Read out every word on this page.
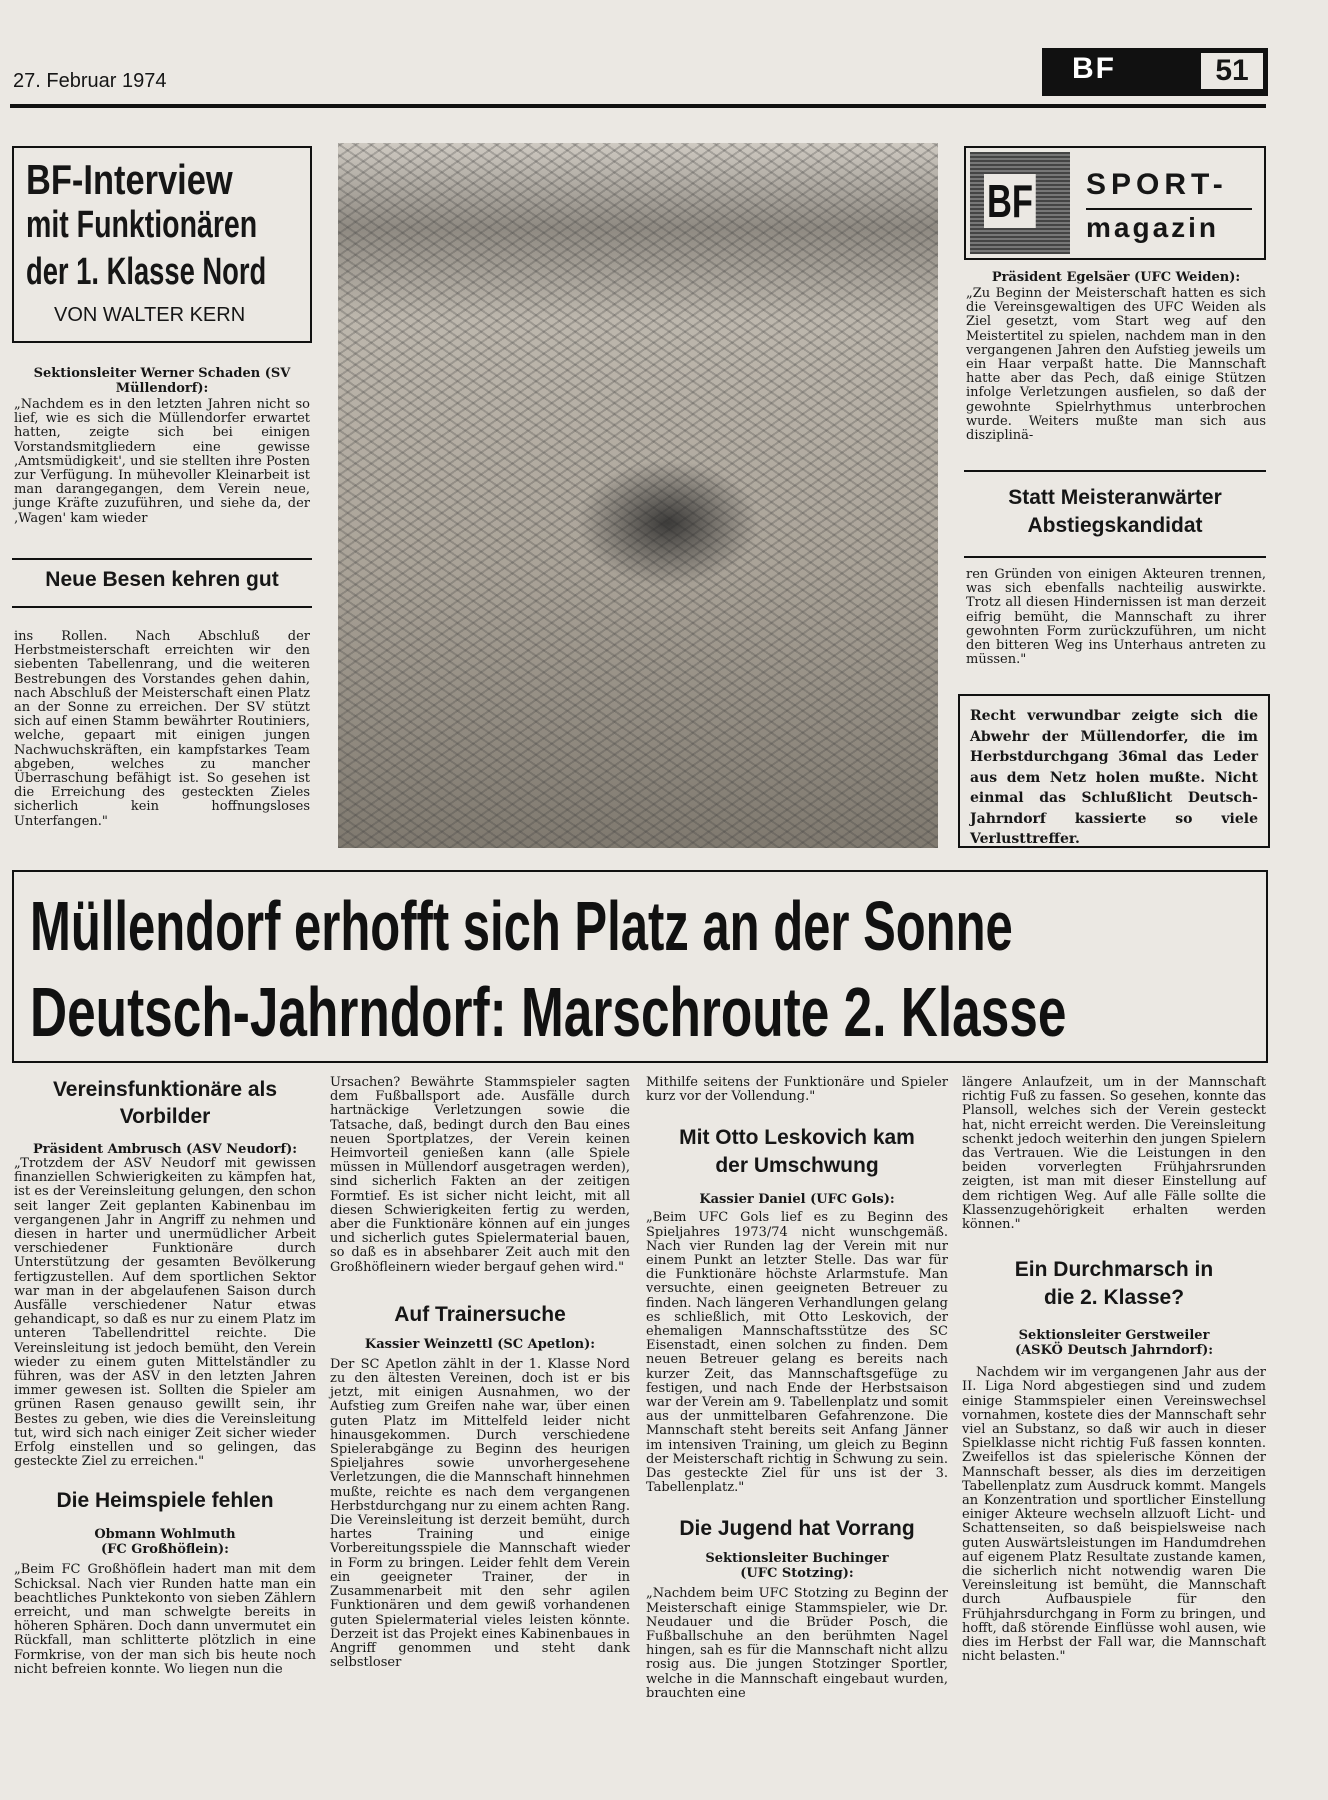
27. Februar 1974	BF	51
BF-Interview
mit Funktionären
der 1. Klasse Nord
VON WALTER KERN

Sektionsleiter Werner Schaden (SV Müllendorf):

„Nachdem es in den letzten Jahren nicht so lief, wie es sich die Müllendorfer erwartet hatten, zeigte sich bei einigen Vorstandsmitgliedern eine gewisse ‚Amtsmüdigkeit', und sie stellten ihre Posten zur Verfügung. In mühevoller Kleinarbeit ist man darangegangen, dem Verein neue, junge Kräfte zuzuführen, und siehe da, der ‚Wagen' kam wieder

Neue Besen kehren gut

ins Rollen. Nach Abschluß der Herbstmeisterschaft erreichten wir den siebenten Tabellenrang, und die weiteren Bestrebungen des Vorstandes gehen dahin, nach Abschluß der Meisterschaft einen Platz an der Sonne zu erreichen. Der SV stützt sich auf einen Stamm bewährter Routiniers, welche, gepaart mit einigen jungen Nachwuchskräften, ein kampfstarkes Team abgeben, welches zu mancher Überraschung befähigt ist. So gesehen ist die Erreichung des gesteckten Zieles sicherlich kein hoffnungsloses Unterfangen."

BF SPORT-
magazin

Präsident Egelsäer (UFC Weiden):

„Zu Beginn der Meisterschaft hatten es sich die Vereinsgewaltigen des UFC Weiden als Ziel gesetzt, vom Start weg auf den Meistertitel zu spielen, nachdem man in den vergangenen Jahren den Aufstieg jeweils um ein Haar verpaßt hatte. Die Mannschaft hatte aber das Pech, daß einige Stützen infolge Verletzungen ausfielen, so daß der gewohnte Spielrhythmus unterbrochen wurde. Weiters mußte man sich aus disziplinä-

Statt Meisteranwärter
Abstiegskandidat

ren Gründen von einigen Akteuren trennen, was sich ebenfalls nachteilig auswirkte. Trotz all diesen Hindernissen ist man derzeit eifrig bemüht, die Mannschaft zu ihrer gewohnten Form zurückzuführen, um nicht den bitteren Weg ins Unterhaus antreten zu müssen."

Recht verwundbar zeigte sich die Abwehr der Müllendorfer, die im Herbstdurchgang 36mal das Leder aus dem Netz holen mußte. Nicht einmal das Schlußlicht Deutsch-Jahrndorf kassierte so viele Verlusttreffer.

Müllendorf erhofft sich Platz an der Sonne
Deutsch-Jahrndorf: Marschroute 2. Klasse

Vereinsfunktionäre als

Vorbilder

Präsident Ambrusch (ASV Neudorf):

„Trotzdem der ASV Neudorf mit gewissen finanziellen Schwierigkeiten zu kämpfen hat, ist es der Vereinsleitung gelungen, den schon seit langer Zeit geplanten Kabinenbau im vergangenen Jahr in Angriff zu nehmen und diesen in harter und unermüdlicher Arbeit verschiedener Funktionäre durch Unterstützung der gesamten Bevölkerung fertigzustellen. Auf dem sportlichen Sektor war man in der abgelaufenen Saison durch Ausfälle verschiedener Natur etwas gehandicapt, so daß es nur zu einem Platz im unteren Tabellendrittel reichte. Die Vereinsleitung ist jedoch bemüht, den Verein wieder zu einem guten Mittelständler zu führen, was der ASV in den letzten Jahren immer gewesen ist. Sollten die Spieler am grünen Rasen genauso gewillt sein, ihr Bestes zu geben, wie dies die Vereinsleitung tut, wird sich nach einiger Zeit sicher wieder Erfolg einstellen und so gelingen, das gesteckte Ziel zu erreichen."

Die Heimspiele fehlen

Obmann Wohlmuth

(FC Großhöflein):

„Beim FC Großhöflein hadert man mit dem Schicksal. Nach vier Runden hatte man ein beachtliches Punktekonto von sieben Zählern erreicht, und man schwelgte bereits in höheren Sphären. Doch dann unvermutet ein Rückfall, man schlitterte plötzlich in eine Formkrise, von der man sich bis heute noch nicht befreien konnte. Wo liegen nun die

Ursachen? Bewährte Stammspieler sagten dem Fußballsport ade. Ausfälle durch hartnäckige Verletzungen sowie die Tatsache, daß, bedingt durch den Bau eines neuen Sportplatzes, der Verein keinen Heimvorteil genießen kann (alle Spiele müssen in Müllendorf ausgetragen werden), sind sicherlich Fakten an der zeitigen Formtief. Es ist sicher nicht leicht, mit all diesen Schwierigkeiten fertig zu werden, aber die Funktionäre können auf ein junges und sicherlich gutes Spielermaterial bauen, so daß es in absehbarer Zeit auch mit den Großhöfleinern wieder bergauf gehen wird."

Auf Trainersuche

Kassier Weinzettl (SC Apetlon):

Der SC Apetlon zählt in der 1. Klasse Nord zu den ältesten Vereinen, doch ist er bis jetzt, mit einigen Ausnahmen, wo der Aufstieg zum Greifen nahe war, über einen guten Platz im Mittelfeld leider nicht hinausgekommen. Durch verschiedene Spielerabgänge zu Beginn des heurigen Spieljahres sowie unvorhergesehene Verletzungen, die die Mannschaft hinnehmen mußte, reichte es nach dem vergangenen Herbstdurchgang nur zu einem achten Rang. Die Vereinsleitung ist derzeit bemüht, durch hartes Training und einige Vorbereitungsspiele die Mannschaft wieder in Form zu bringen. Leider fehlt dem Verein ein geeigneter Trainer, der in Zusammenarbeit mit den sehr agilen Funktionären und dem gewiß vorhandenen guten Spielermaterial vieles leisten könnte. Derzeit ist das Projekt eines Kabinenbaues in Angriff genommen und steht dank selbstloser

Mithilfe seitens der Funktionäre und Spieler kurz vor der Vollendung."

Mit Otto Leskovich kam

der Umschwung

Kassier Daniel (UFC Gols):

„Beim UFC Gols lief es zu Beginn des Spieljahres 1973/74 nicht wunschgemäß. Nach vier Runden lag der Verein mit nur einem Punkt an letzter Stelle. Das war für die Funktionäre höchste Arlarmstufe. Man versuchte, einen geeigneten Betreuer zu finden. Nach längeren Verhandlungen gelang es schließlich, mit Otto Leskovich, der ehemaligen Mannschaftsstütze des SC Eisenstadt, einen solchen zu finden. Dem neuen Betreuer gelang es bereits nach kurzer Zeit, das Mannschaftsgefüge zu festigen, und nach Ende der Herbstsaison war der Verein am 9. Tabellenplatz und somit aus der unmittelbaren Gefahrenzone. Die Mannschaft steht bereits seit Anfang Jänner im intensiven Training, um gleich zu Beginn der Meisterschaft richtig in Schwung zu sein. Das gesteckte Ziel für uns ist der 3. Tabellenplatz."

Die Jugend hat Vorrang

Sektionsleiter Buchinger

(UFC Stotzing):

„Nachdem beim UFC Stotzing zu Beginn der Meisterschaft einige Stammspieler, wie Dr. Neudauer und die Brüder Posch, die Fußballschuhe an den berühmten Nagel hingen, sah es für die Mannschaft nicht allzu rosig aus. Die jungen Stotzinger Sportler, welche in die Mannschaft eingebaut wurden, brauchten eine

längere Anlaufzeit, um in der Mannschaft richtig Fuß zu fassen. So gesehen, konnte das Plansoll, welches sich der Verein gesteckt hat, nicht erreicht werden. Die Vereinsleitung schenkt jedoch weiterhin den jungen Spielern das Vertrauen. Wie die Leistungen in den beiden vorverlegten Frühjahrsrunden zeigten, ist man mit dieser Einstellung auf dem richtigen Weg. Auf alle Fälle sollte die Klassenzugehörigkeit erhalten werden können."

Ein Durchmarsch in

die 2. Klasse?

Sektionsleiter Gerstweiler

(ASKÖ Deutsch Jahrndorf):

Nachdem wir im vergangenen Jahr aus der II. Liga Nord abgestiegen sind und zudem einige Stammspieler einen Vereinswechsel vornahmen, kostete dies der Mannschaft sehr viel an Substanz, so daß wir auch in dieser Spielklasse nicht richtig Fuß fassen konnten. Zweifellos ist das spielerische Können der Mannschaft besser, als dies im derzeitigen Tabellenplatz zum Ausdruck kommt. Mangels an Konzentration und sportlicher Einstellung einiger Akteure wechseln allzuoft Licht- und Schattenseiten, so daß beispielsweise nach guten Auswärtsleistungen im Handumdrehen auf eigenem Platz Resultate zustande kamen, die sicherlich nicht notwendig waren Die Vereinsleitung ist bemüht, die Mannschaft durch Aufbauspiele für den Frühjahrsdurchgang in Form zu bringen, und hofft, daß störende Einflüsse wohl ausen, wie dies im Herbst der Fall war, die Mannschaft nicht belasten."
